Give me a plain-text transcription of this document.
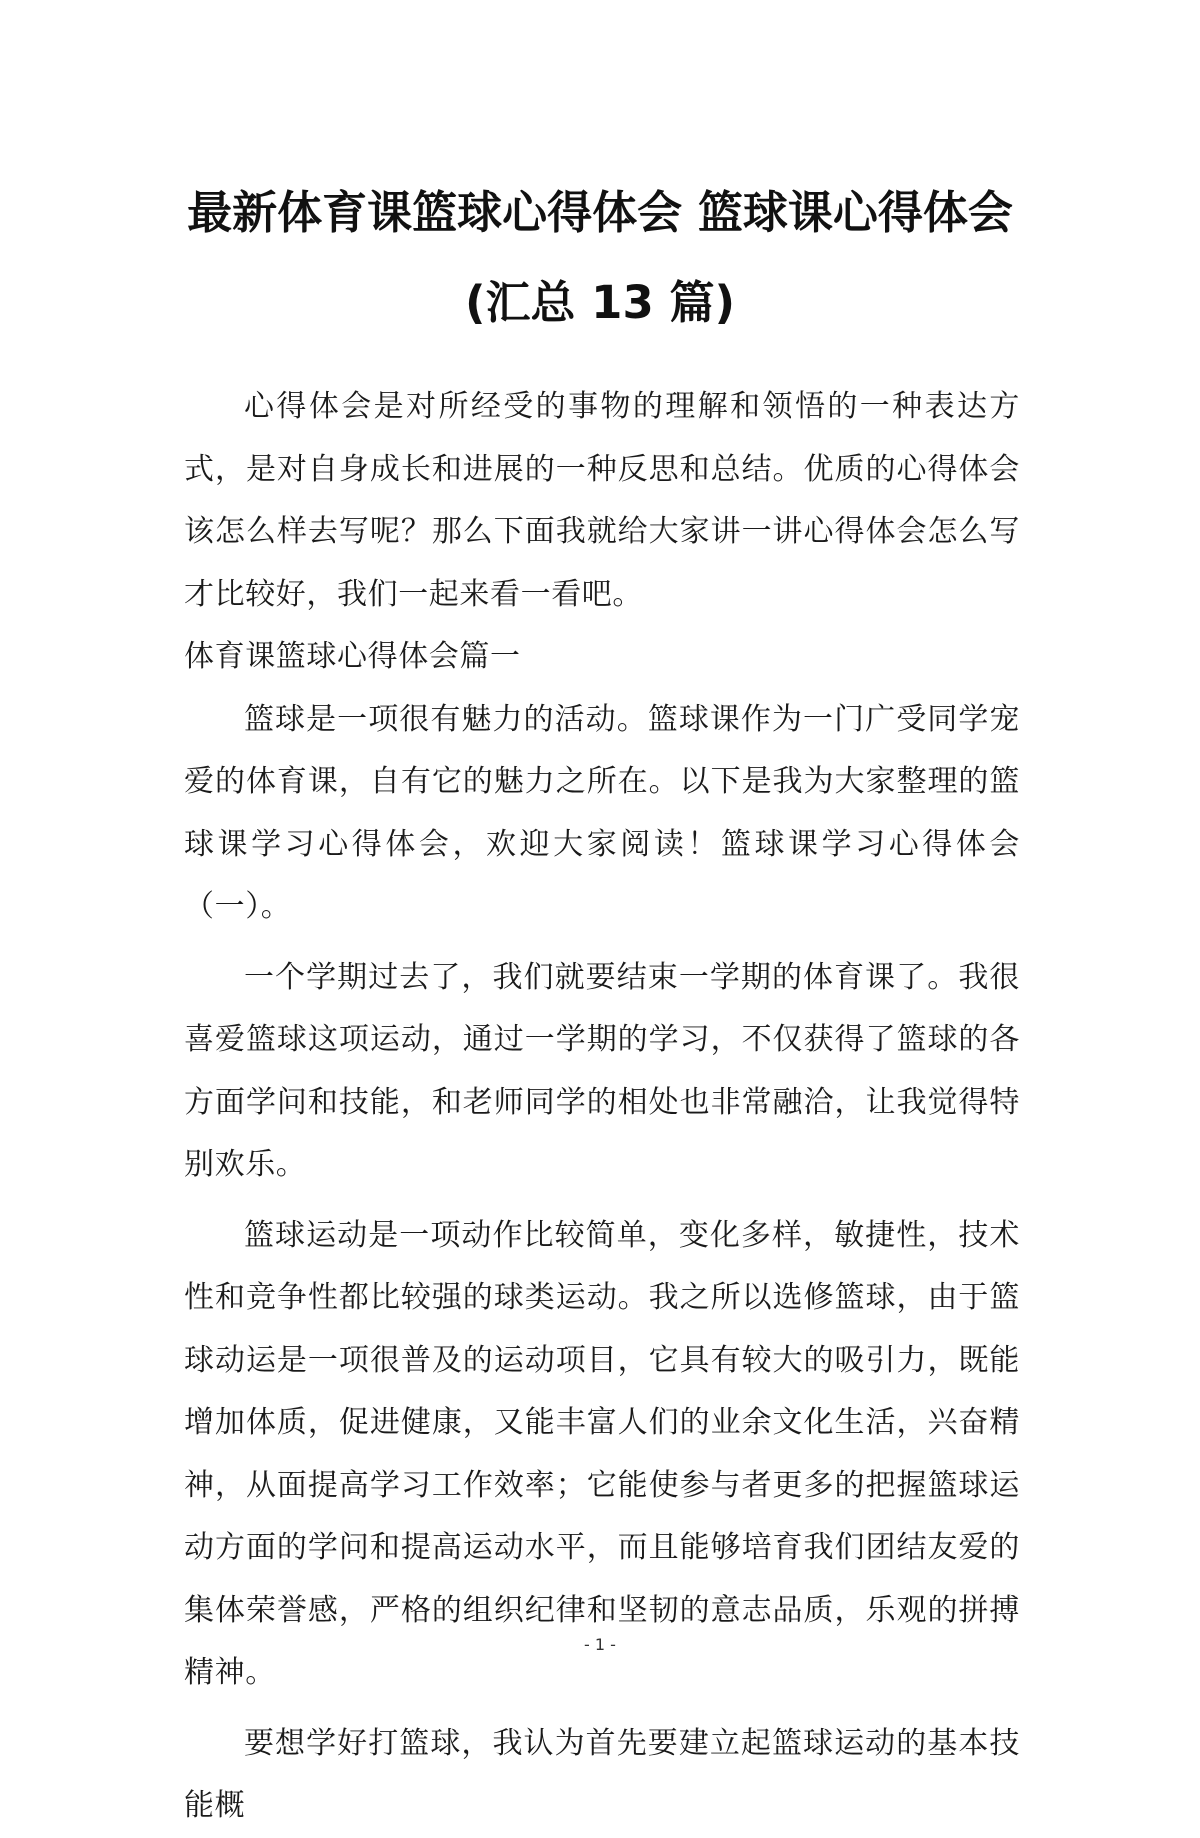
最新体育课篮球心得体会 篮球课心得体会
(汇总 13 篇)

心得体会是对所经受的事物的理解和领悟的一种表达方式，是对自身成长和进展的一种反思和总结。优质的心得体会该怎么样去写呢？那么下面我就给大家讲一讲心得体会怎么写才比较好，我们一起来看一看吧。

体育课篮球心得体会篇一

篮球是一项很有魅力的活动。篮球课作为一门广受同学宠爱的体育课，自有它的魅力之所在。以下是我为大家整理的篮球课学习心得体会，欢迎大家阅读！篮球课学习心得体会（一）。

一个学期过去了，我们就要结束一学期的体育课了。我很喜爱篮球这项运动，通过一学期的学习，不仅获得了篮球的各方面学问和技能，和老师同学的相处也非常融洽，让我觉得特别欢乐。

篮球运动是一项动作比较简单，变化多样，敏捷性，技术性和竞争性都比较强的球类运动。我之所以选修篮球，由于篮球动运是一项很普及的运动项目，它具有较大的吸引力，既能增加体质，促进健康，又能丰富人们的业余文化生活，兴奋精神，从面提高学习工作效率；它能使参与者更多的把握篮球运动方面的学问和提高运动水平，而且能够培育我们团结友爱的集体荣誉感，严格的组织纪律和坚韧的意志品质，乐观的拼搏精神。

要想学好打篮球，我认为首先要建立起篮球运动的基本技能概

- 1 -
